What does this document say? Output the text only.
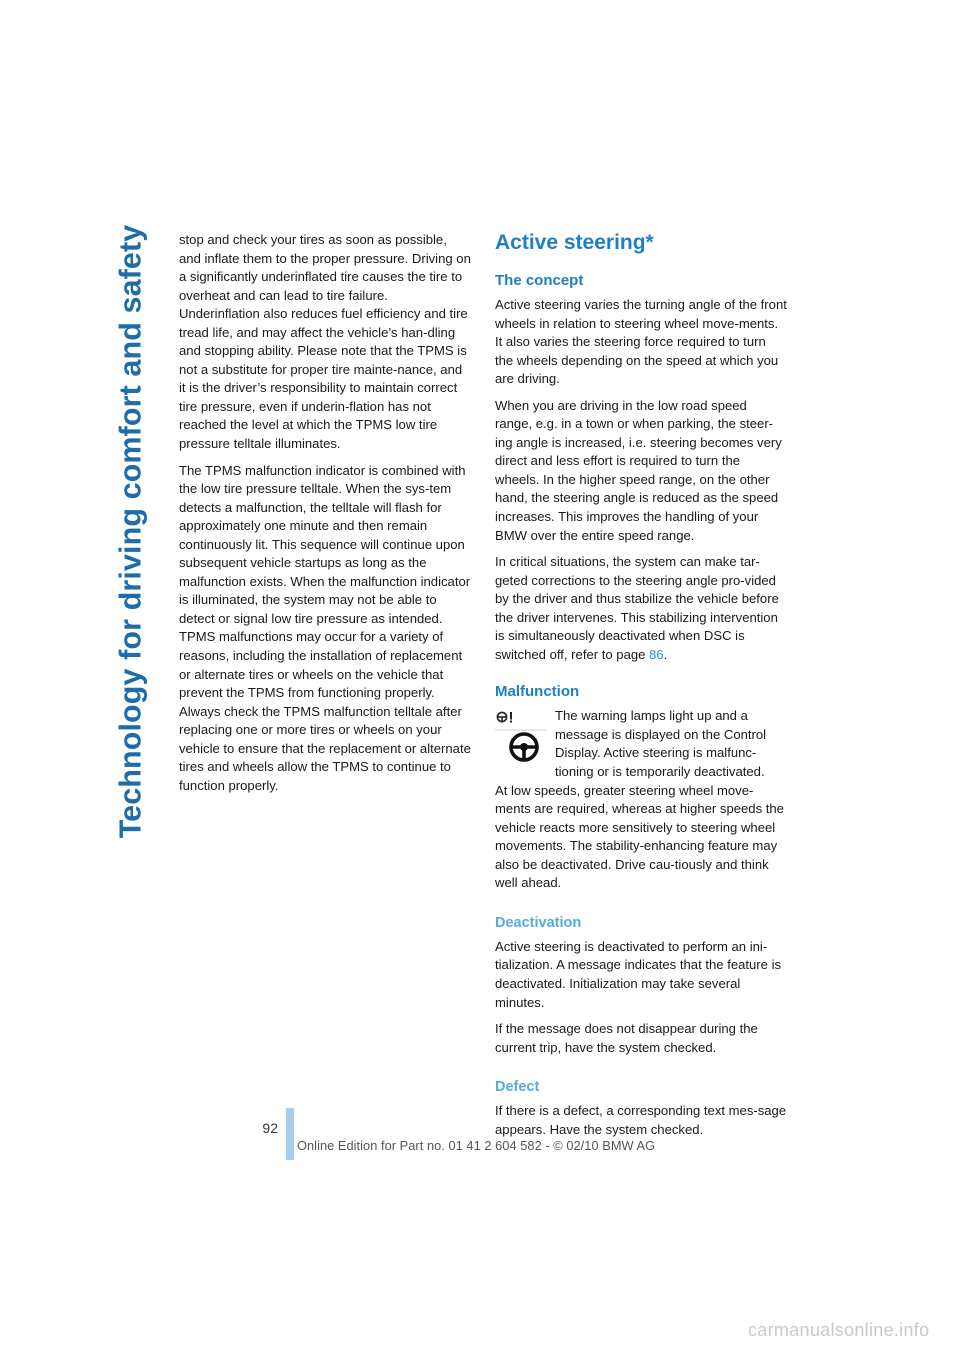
Technology for driving comfort and safety stop and check your tires as soon as possible, and inflate them to the proper pressure. Driving on a significantly underinflated tire causes the tire to overheat and can lead to tire failure. Underinflation also reduces fuel efficiency and tire tread life, and may affect the vehicle’s han-dling and stopping ability. Please note that the TPMS is not a substitute for proper tire mainte-nance, and it is the driver’s responsibility to maintain correct tire pressure, even if underin-flation has not reached the level at which the TPMS low tire pressure telltale illuminates.

The TPMS malfunction indicator is combined with the low tire pressure telltale. When the sys-tem detects a malfunction, the telltale will flash for approximately one minute and then remain continuously lit. This sequence will continue upon subsequent vehicle startups as long as the malfunction exists. When the malfunction indicator is illuminated, the system may not be able to detect or signal low tire pressure as intended. TPMS malfunctions may occur for a variety of reasons, including the installation of replacement or alternate tires or wheels on the vehicle that prevent the TPMS from functioning properly. Always check the TPMS malfunction telltale after replacing one or more tires or wheels on your vehicle to ensure that the replacement or alternate tires and wheels allow the TPMS to continue to function properly.

Active steering*
The concept

Active steering varies the turning angle of the front wheels in relation to steering wheel move-ments. It also varies the steering force required to turn the wheels depending on the speed at which you are driving.

When you are driving in the low road speed range, e.g. in a town or when parking, the steer-ing angle is increased, i.e. steering becomes very direct and less effort is required to turn the wheels. In the higher speed range, on the other hand, the steering angle is reduced as the speed increases. This improves the handling of your BMW over the entire speed range.

In critical situations, the system can make tar-geted corrections to the steering angle pro-vided by the driver and thus stabilize the vehicle before the driver intervenes. This stabilizing intervention is simultaneously deactivated when DSC is switched off, refer to page 86.

Malfunction

The warning lamps light up and a message is displayed on the Control Display. Active steering is malfunc-tioning or is temporarily deactivated.

At low speeds, greater steering wheel move-ments are required, whereas at higher speeds the vehicle reacts more sensitively to steering wheel movements. The stability-enhancing feature may also be deactivated. Drive cau-tiously and think well ahead.

Deactivation

Active steering is deactivated to perform an ini-tialization. A message indicates that the feature is deactivated. Initialization may take several minutes.

If the message does not disappear during the current trip, have the system checked.

Defect

If there is a defect, a corresponding text mes-sage appears. Have the system checked.

92
Online Edition for Part no. 01 41 2 604 582 - © 02/10 BMW AG
carmanualsonline.info
